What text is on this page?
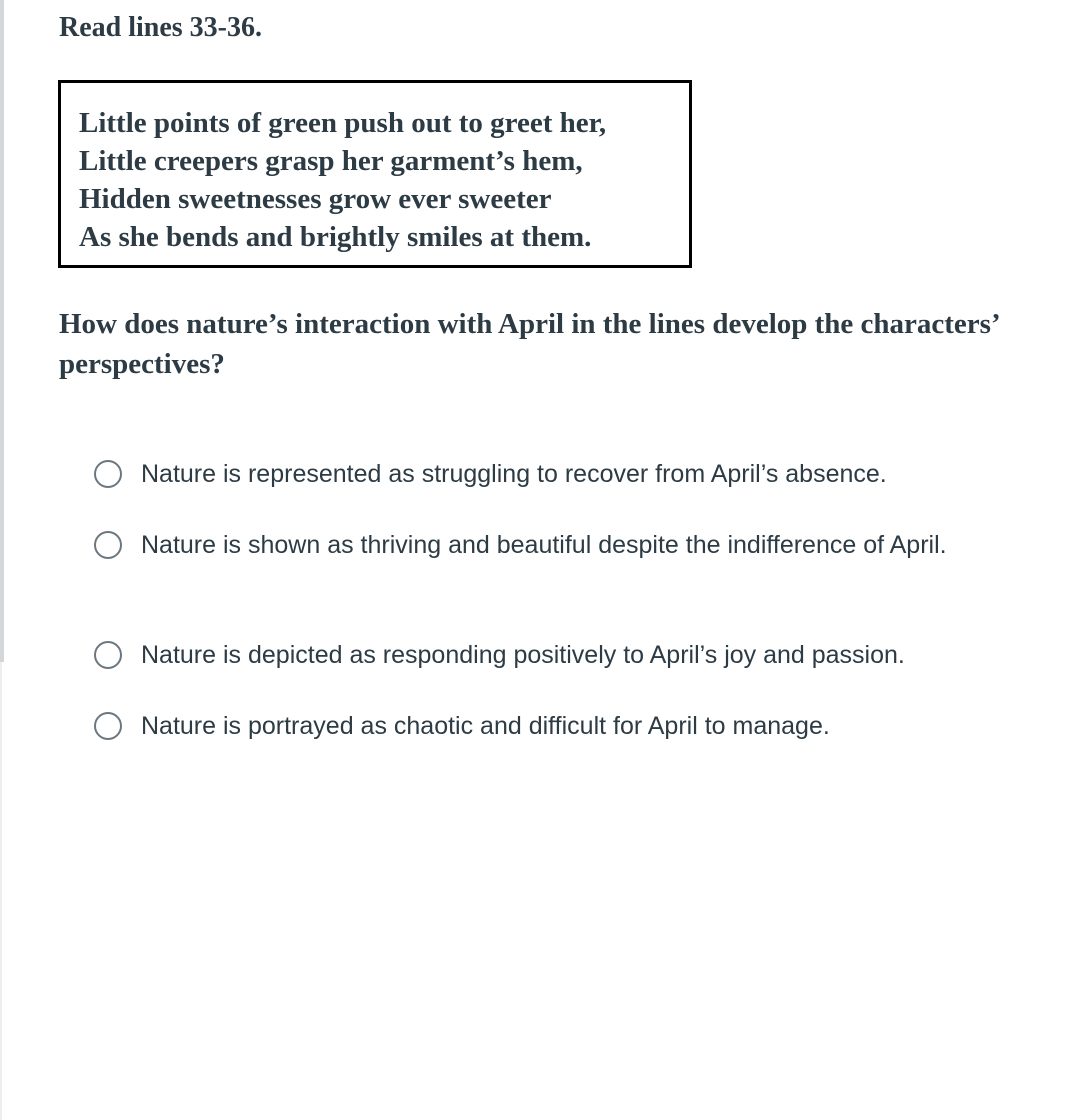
Read lines 33-36.

Little points of green push out to greet her,
Little creepers grasp her garment’s hem,
Hidden sweetnesses grow ever sweeter
As she bends and brightly smiles at them.

How does nature’s interaction with April in the lines develop the characters’ perspectives?

Nature is represented as struggling to recover from April’s absence.
Nature is shown as thriving and beautiful despite the indifference of April.
Nature is depicted as responding positively to April’s joy and passion.
Nature is portrayed as chaotic and difficult for April to manage.
